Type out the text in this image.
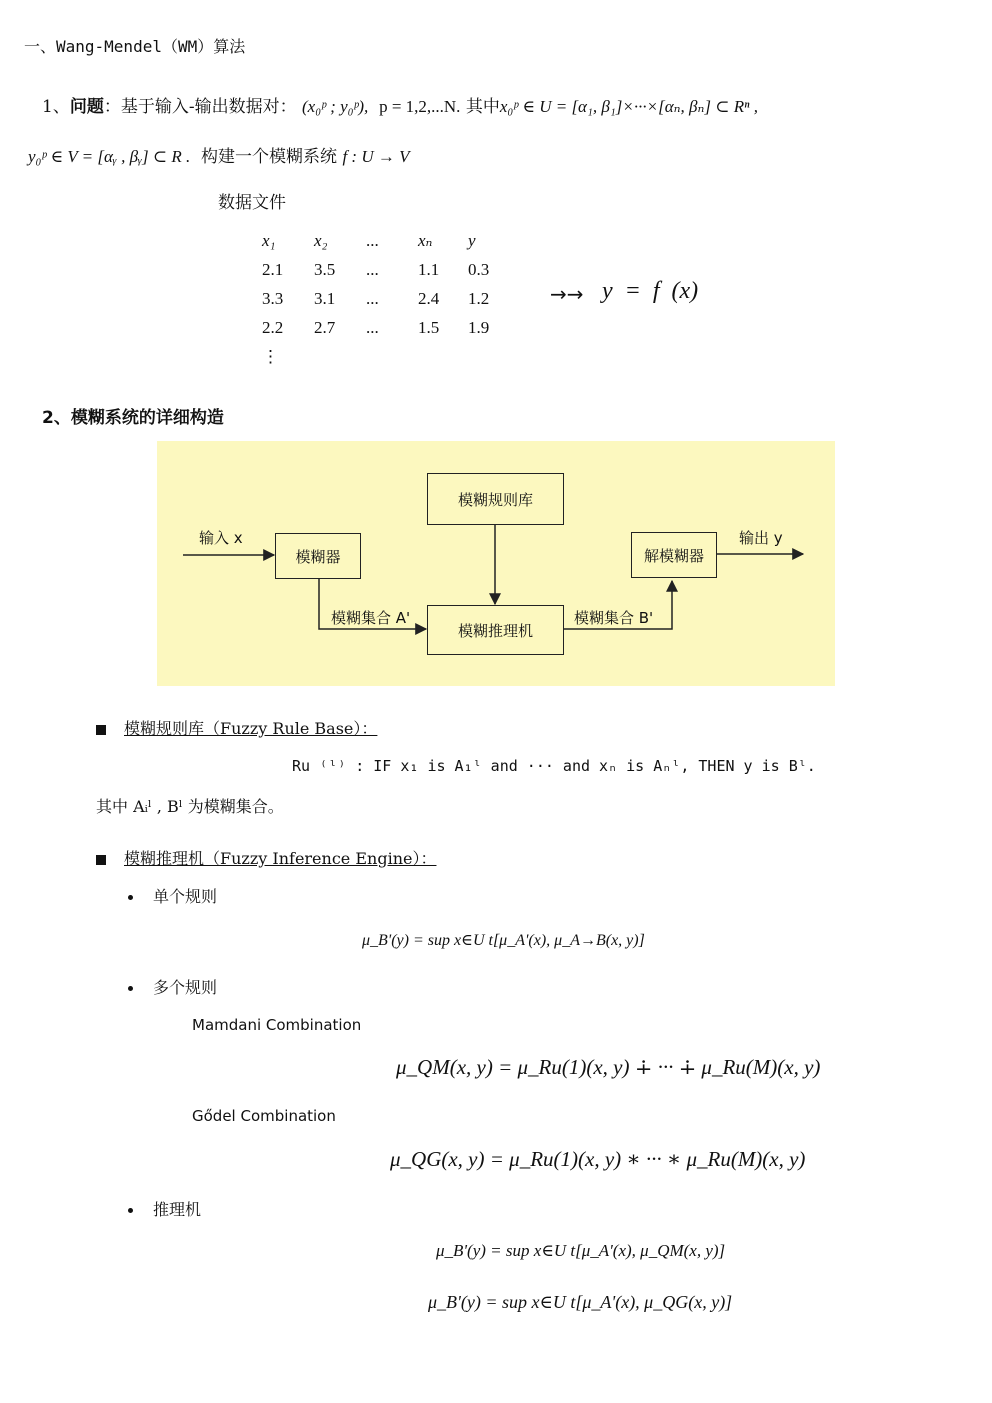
一、Wang-Mendel（WM）算法
1、问题：基于输入-输出数据对： (x₀ᵖ ; y₀ᵖ), p = 1,2,...N. 其中x₀ᵖ ∈ U = [α₁, β₁]×···×[αₙ, βₙ] ⊂ Rⁿ ,
y₀ᵖ ∈ V = [αᵧ , βᵧ] ⊂ R . 构建一个模糊系统 f : U → V
数据文件
x₁	x₂	...	xₙ	y
2.1	3.5	...	1.1	0.3
3.3	3.1	...	2.4	1.2
2.2	2.7	...	1.5	1.9
⋮
→→ y = f (x)
2、模糊系统的详细构造
模糊规则库
模糊器
模糊推理机
解模糊器
输入 x	输出 y
模糊集合 A'	模糊集合 B'
模糊规则库（Fuzzy Rule Base）：
Ru ⁽ˡ⁾ : IF x₁ is A₁ˡ and ··· and xₙ is Aₙˡ, THEN y is Bˡ.
其中 Aᵢˡ , Bˡ 为模糊集合。
模糊推理机（Fuzzy Inference Engine）：
单个规则
μ_B'(y) = sup x∈U t[μ_A'(x), μ_A→B(x, y)]
多个规则
Mamdani Combination
μ_QM(x, y) = μ_Ru(1)(x, y) ∔ ··· ∔ μ_Ru(M)(x, y)
Gődel Combination
μ_QG(x, y) = μ_Ru(1)(x, y) ∗ ··· ∗ μ_Ru(M)(x, y)
推理机
μ_B'(y) = sup x∈U t[μ_A'(x), μ_QM(x, y)]
μ_B'(y) = sup x∈U t[μ_A'(x), μ_QG(x, y)]
